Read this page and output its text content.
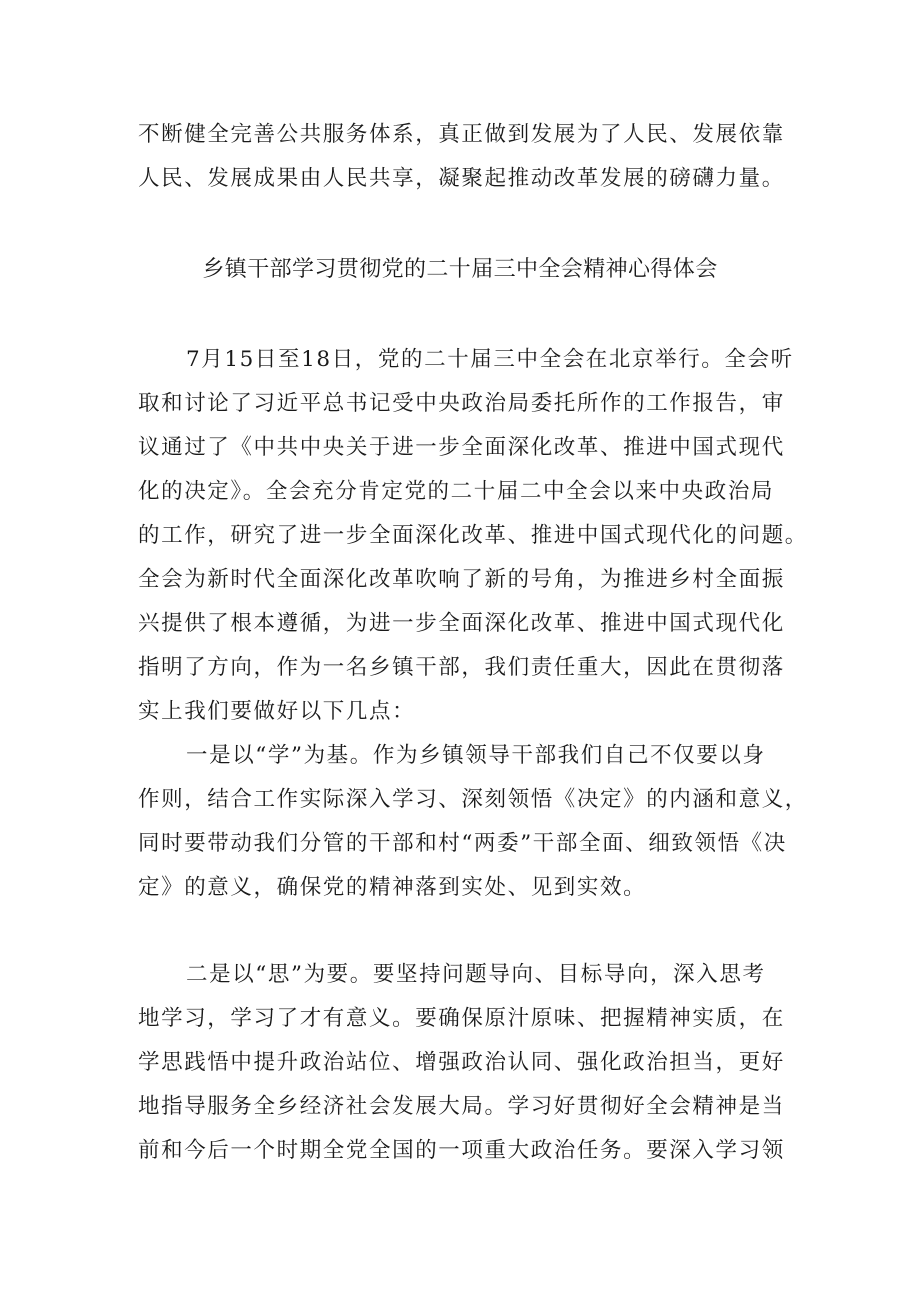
不断健全完善公共服务体系，真正做到发展为了人民、发展依靠
人民、发展成果由人民共享，凝聚起推动改革发展的磅礴力量。
乡镇干部学习贯彻党的二十届三中全会精神心得体会
7月15日至18日，党的二十届三中全会在北京举行。全会听
取和讨论了习近平总书记受中央政治局委托所作的工作报告，审
议通过了《中共中央关于进一步全面深化改革、推进中国式现代
化的决定》。全会充分肯定党的二十届二中全会以来中央政治局
的工作，研究了进一步全面深化改革、推进中国式现代化的问题。
全会为新时代全面深化改革吹响了新的号角，为推进乡村全面振
兴提供了根本遵循，为进一步全面深化改革、推进中国式现代化
指明了方向，作为一名乡镇干部，我们责任重大，因此在贯彻落
实上我们要做好以下几点：
一是以“学”为基。作为乡镇领导干部我们自己不仅要以身
作则，结合工作实际深入学习、深刻领悟《决定》的内涵和意义，
同时要带动我们分管的干部和村“两委”干部全面、细致领悟《决
定》的意义，确保党的精神落到实处、见到实效。
二是以“思”为要。要坚持问题导向、目标导向，深入思考
地学习，学习了才有意义。要确保原汁原味、把握精神实质，在
学思践悟中提升政治站位、增强政治认同、强化政治担当，更好
地指导服务全乡经济社会发展大局。学习好贯彻好全会精神是当
前和今后一个时期全党全国的一项重大政治任务。要深入学习领
